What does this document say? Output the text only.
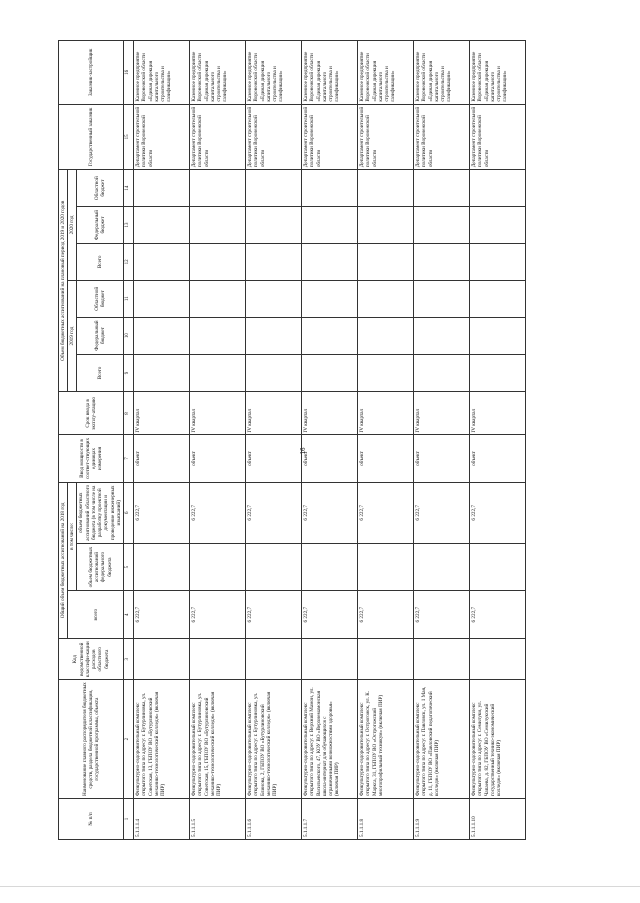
16
№ п/п	Наименование главного распорядителя бюджетных средств, раздела бюджетной классификации, государственной программы, объекта	Код ведомственной классифи-кации расходов областного бюджета	Общий объем бюджетных ассигнований на 2018 год			Ввод мощности в соответ-ствующих единицах измерения	Срок ввода в эксплу-атацию	Объем бюджетных ассигнований на плановый период 2019 и 2020 годов						Государственный заказчик	Заказчик-застройщик
			всего	в том числе:				2019 год			2020 год				
				объем бюджетных ассигнований федерального бюджета	объем бюджетных ассигнований областного бюджета (в том числе на разработку проектной документации и проведение инженерных изысканий)			Всего	Федеральный бюджет	Областной бюджет	Всего	Федеральный бюджет	Областной бюджет		

1	2	3	4	5	6	7	8	9	10	11	12	13	14	15	16
5.1.1.1.4	Физкультурно-оздоровительный комплекс открытого типа по адресу: г. Бутурлиновка, ул. Советская, 13, ГБПОУ ВО «Бутурлиновский механико-технологический колледж» (включая ПИР)		6 222,7		6 222,7	объект	IV квартал							Департамент строительной политики Воронежской области	Казенное предприятие Воронежской области «Единая дирекция капитального строительства и газификации»
5.1.1.1.5	Физкультурно-оздоровительный комплекс открытого типа по адресу: г. Бутурлиновка, ул. Советская, 15, ГБПОУ ВО «Бутурлиновский механико-технологический колледж» (включая ПИР)		6 222,7		6 222,7	объект	IV квартал							Департамент строительной политики Воронежской области	Казенное предприятие Воронежской области «Единая дирекция капитального строительства и газификации»
5.1.1.1.6	Физкультурно-оздоровительный комплекс открытого типа по адресу: г. Бутурлиновка, ул. Блинова, 2, ГБПОУ ВО «Бутурлиновский механико-технологический колледж» (включая ПИР)		6 222,7		6 222,7	объект	IV квартал							Департамент строительной политики Воронежской области	Казенное предприятие Воронежской области «Единая дирекция капитального строительства и газификации»
5.1.1.1.7	Физкультурно-оздоровительный комплекс открытого типа по адресу: г. Верхний Мамон, ул. Васильевского, 47, КОУ ВО «Верхнемамонская школа-интернат для обучающихся с ограниченными возможностями здоровья» (включая ПИР)		6 222,7		6 222,7	объект	IV квартал							Департамент строительной политики Воронежской области	Казенное предприятие Воронежской области «Единая дирекция капитального строительства и газификации»
5.1.1.1.8	Физкультурно-оздоровительный комплекс открытого типа по адресу: г. Острогожск, ул. К. Маркса, 31, ГБПОУ ВО «Острогожский многопрофильный техникум» (включая ПИР)		6 222,7		6 222,7	объект	IV квартал							Департамент строительной политики Воронежской области	Казенное предприятие Воронежской области «Единая дирекция капитального строительства и газификации»
5.1.1.1.9	Физкультурно-оздоровительный комплекс открытого типа по адресу: г. Павловск, ул. 1 Мая, д. 11, ГБПОУ ВО «Павловский педагогический колледж» (включая ПИР)		6 222,7		6 222,7	объект	IV квартал							Департамент строительной политики Воронежской области	Казенное предприятие Воронежской области «Единая дирекция капитального строительства и газификации»
5.1.1.1.10	Физкультурно-оздоровительный комплекс открытого типа по адресу: г. Семилуки, ул. Чапаева, д. 82, ГБПОУ ВО «Семилукский государственный технико-экономический колледж» (включая ПИР)		6 222,7		6 222,7	объект	IV квартал							Департамент строительной политики Воронежской области	Казенное предприятие Воронежской области «Единая дирекция капитального строительства и газификации»
